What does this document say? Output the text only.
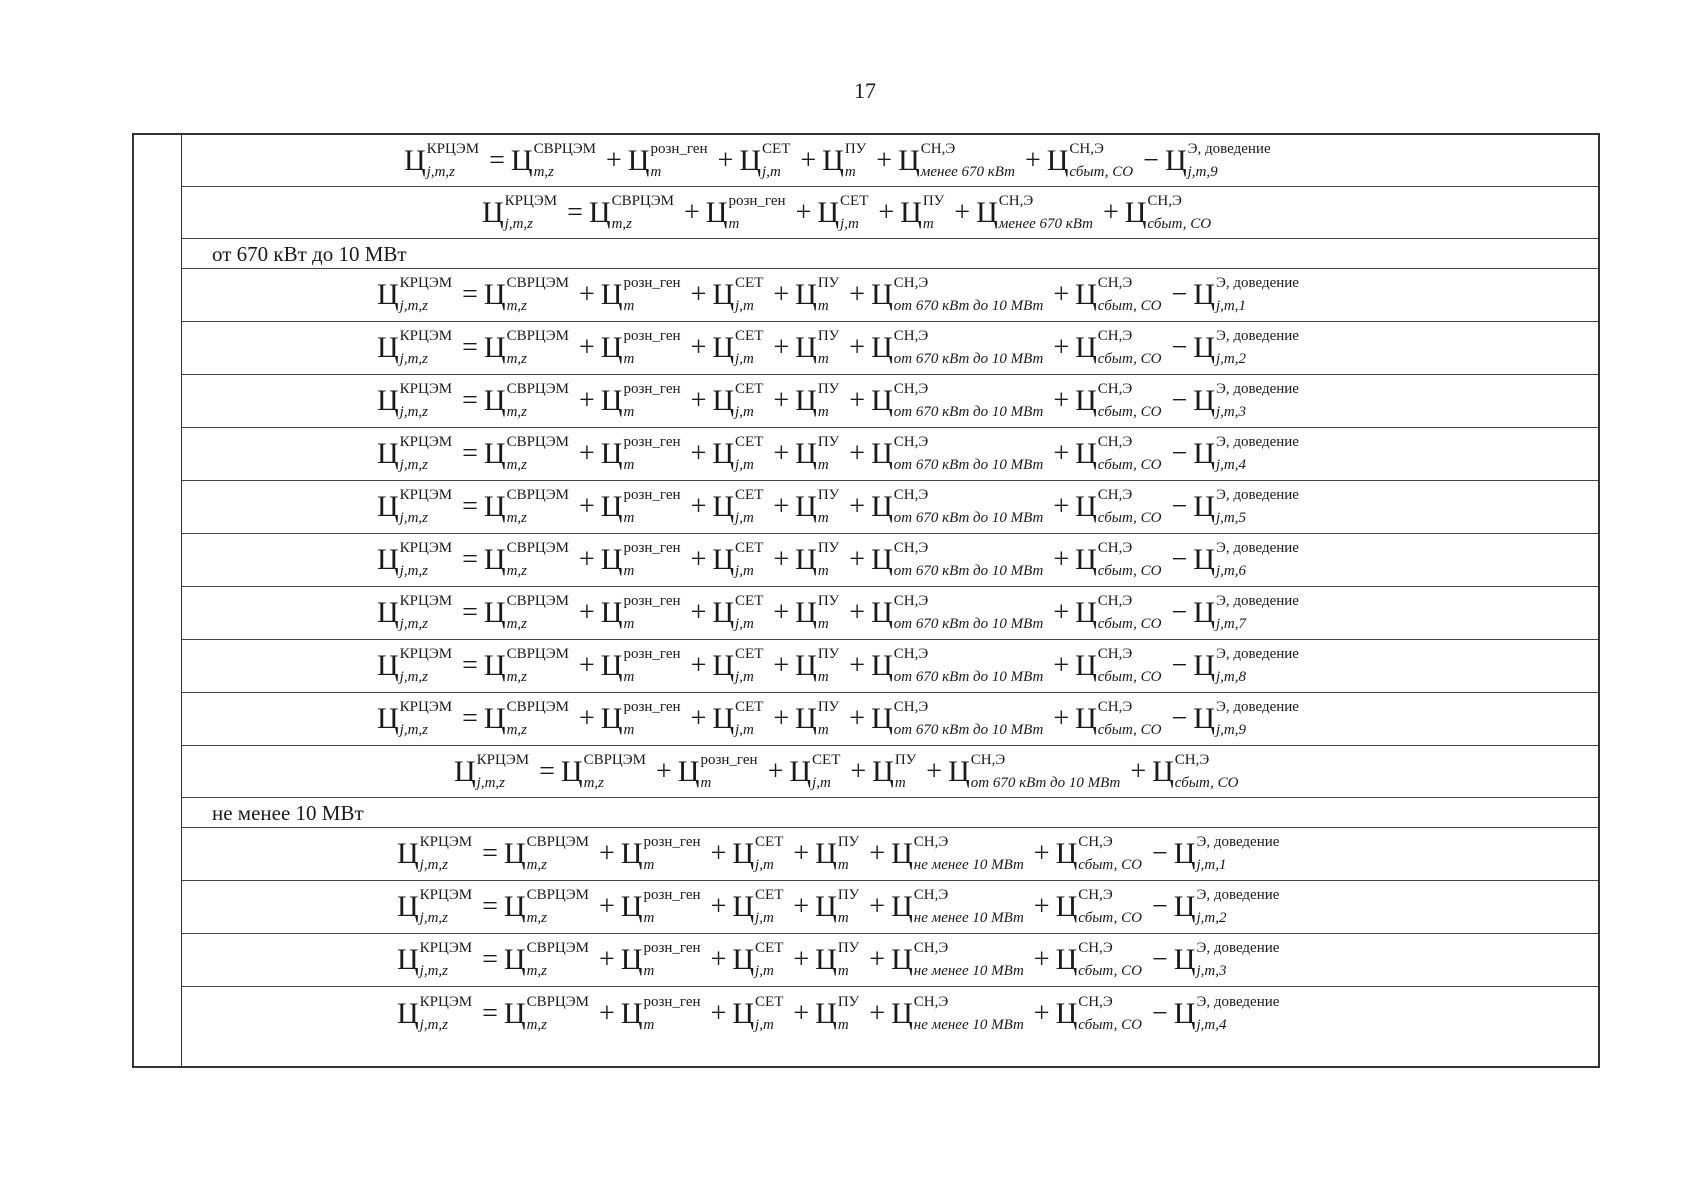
17
Ц КРЦЭМ
j,m,z	= Ц СВРЦЭМ
m,z	+ Ц розн_ген
m	+ Ц СЕТ
j,m + Ц ПУ
m + Ц СН,Э
менее 670 кВт + Ц СН,Э
сбыт, СО − Ц Э, доведение
j,m,9
Ц КРЦЭМ
j,m,z	= Ц СВРЦЭМ
m,z	+ Ц розн_ген
m	+ Ц СЕТ
j,m + Ц ПУ
m + Ц СН,Э
менее 670 кВт + Ц СН,Э
сбыт, СО
от 670 кВт до 10 МВт
Ц КРЦЭМ
j,m,z	= Ц СВРЦЭМ
m,z	+ Ц розн_ген
m	+ Ц СЕТ
j,m + Ц ПУ
m + Ц СН,Э
от 670 кВт до 10 МВт + Ц СН,Э
сбыт, СО − Ц Э, доведение
j,m,1
Ц КРЦЭМ
j,m,z	= Ц СВРЦЭМ
m,z	+ Ц розн_ген
m	+ Ц СЕТ
j,m + Ц ПУ
m + Ц СН,Э
от 670 кВт до 10 МВт + Ц СН,Э
сбыт, СО − Ц Э, доведение
j,m,2
Ц КРЦЭМ
j,m,z	= Ц СВРЦЭМ
m,z	+ Ц розн_ген
m	+ Ц СЕТ
j,m + Ц ПУ
m + Ц СН,Э
от 670 кВт до 10 МВт + Ц СН,Э
сбыт, СО − Ц Э, доведение
j,m,3
Ц КРЦЭМ
j,m,z	= Ц СВРЦЭМ
m,z	+ Ц розн_ген
m	+ Ц СЕТ
j,m + Ц ПУ
m + Ц СН,Э
от 670 кВт до 10 МВт + Ц СН,Э
сбыт, СО − Ц Э, доведение
j,m,4
Ц КРЦЭМ
j,m,z	= Ц СВРЦЭМ
m,z	+ Ц розн_ген
m	+ Ц СЕТ
j,m + Ц ПУ
m + Ц СН,Э
от 670 кВт до 10 МВт + Ц СН,Э
сбыт, СО − Ц Э, доведение
j,m,5
Ц КРЦЭМ
j,m,z	= Ц СВРЦЭМ
m,z	+ Ц розн_ген
m	+ Ц СЕТ
j,m + Ц ПУ
m + Ц СН,Э
от 670 кВт до 10 МВт + Ц СН,Э
сбыт, СО − Ц Э, доведение
j,m,6
Ц КРЦЭМ
j,m,z	= Ц СВРЦЭМ
m,z	+ Ц розн_ген
m	+ Ц СЕТ
j,m + Ц ПУ
m + Ц СН,Э
от 670 кВт до 10 МВт + Ц СН,Э
сбыт, СО − Ц Э, доведение
j,m,7
Ц КРЦЭМ
j,m,z	= Ц СВРЦЭМ
m,z	+ Ц розн_ген
m	+ Ц СЕТ
j,m + Ц ПУ
m + Ц СН,Э
от 670 кВт до 10 МВт + Ц СН,Э
сбыт, СО − Ц Э, доведение
j,m,8
Ц КРЦЭМ
j,m,z	= Ц СВРЦЭМ
m,z	+ Ц розн_ген
m	+ Ц СЕТ
j,m + Ц ПУ
m + Ц СН,Э
от 670 кВт до 10 МВт + Ц СН,Э
сбыт, СО − Ц Э, доведение
j,m,9
Ц КРЦЭМ
j,m,z	= Ц СВРЦЭМ
m,z	+ Ц розн_ген
m	+ Ц СЕТ
j,m + Ц ПУ
m + Ц СН,Э
от 670 кВт до 10 МВт + Ц СН,Э
сбыт, СО
не менее 10 МВт
Ц КРЦЭМ
j,m,z	= Ц СВРЦЭМ
m,z	+ Ц розн_ген
m	+ Ц СЕТ
j,m + Ц ПУ
m + Ц СН,Э
не менее 10 МВт + Ц СН,Э
сбыт, СО − Ц Э, доведение
j,m,1
Ц КРЦЭМ
j,m,z	= Ц СВРЦЭМ
m,z	+ Ц розн_ген
m	+ Ц СЕТ
j,m + Ц ПУ
m + Ц СН,Э
не менее 10 МВт + Ц СН,Э
сбыт, СО − Ц Э, доведение
j,m,2
Ц КРЦЭМ
j,m,z	= Ц СВРЦЭМ
m,z	+ Ц розн_ген
m	+ Ц СЕТ
j,m + Ц ПУ
m + Ц СН,Э
не менее 10 МВт + Ц СН,Э
сбыт, СО − Ц Э, доведение
j,m,3
Ц КРЦЭМ
j,m,z	= Ц СВРЦЭМ
m,z	+ Ц розн_ген
m	+ Ц СЕТ
j,m + Ц ПУ
m + Ц СН,Э
не менее 10 МВт + Ц СН,Э
сбыт, СО − Ц Э, доведение
j,m,4
